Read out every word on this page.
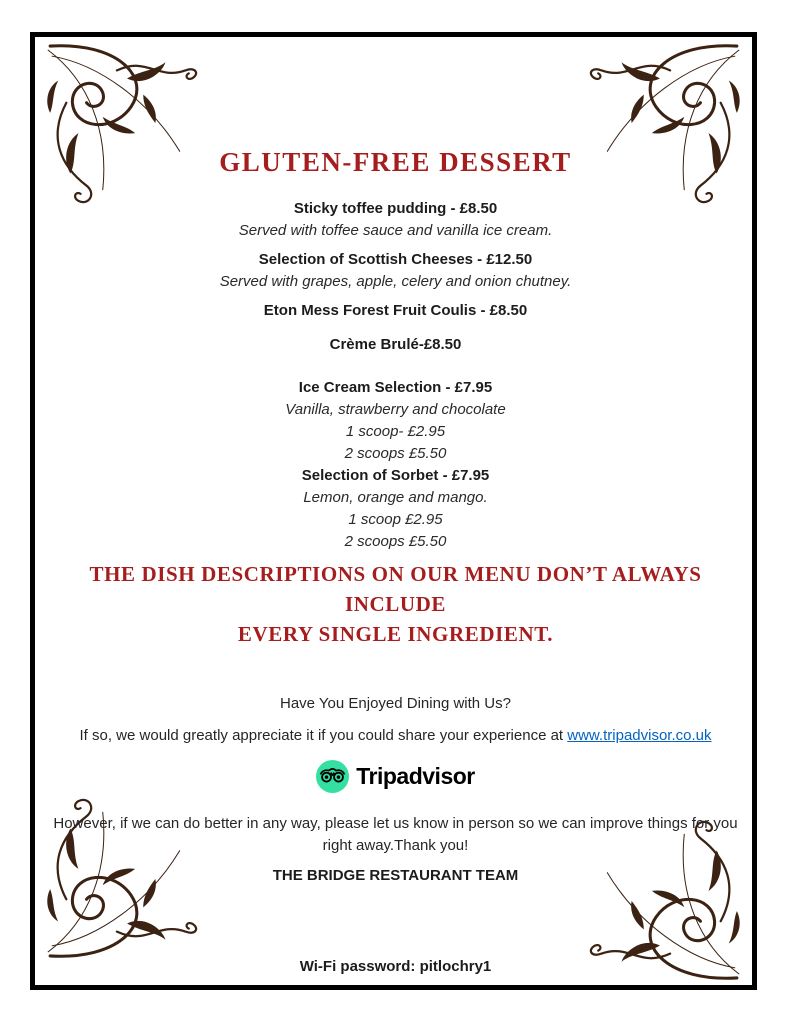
GLUTEN-FREE DESSERT

Sticky toffee pudding - £8.50

Served with toffee sauce and vanilla ice cream.

Selection of Scottish Cheeses - £12.50

Served with grapes, apple, celery and onion chutney.

Eton Mess Forest Fruit Coulis - £8.50

Crème Brulé-£8.50

Ice Cream Selection - £7.95

Vanilla, strawberry and chocolate

1 scoop- £2.95

2 scoops £5.50

Selection of Sorbet - £7.95

Lemon, orange and mango.

1 scoop £2.95

2 scoops £5.50

THE DISH DESCRIPTIONS ON OUR MENU DON’T ALWAYS INCLUDE
EVERY SINGLE INGREDIENT.

Have You Enjoyed Dining with Us?

If so, we would greatly appreciate it if you could share your experience at www.tripadvisor.co.uk

Tripadvisor
However, if we can do better in any way, please let us know in person so we can improve things for you
right away.Thank you!

THE BRIDGE RESTAURANT TEAM

Wi-Fi password: pitlochry1
